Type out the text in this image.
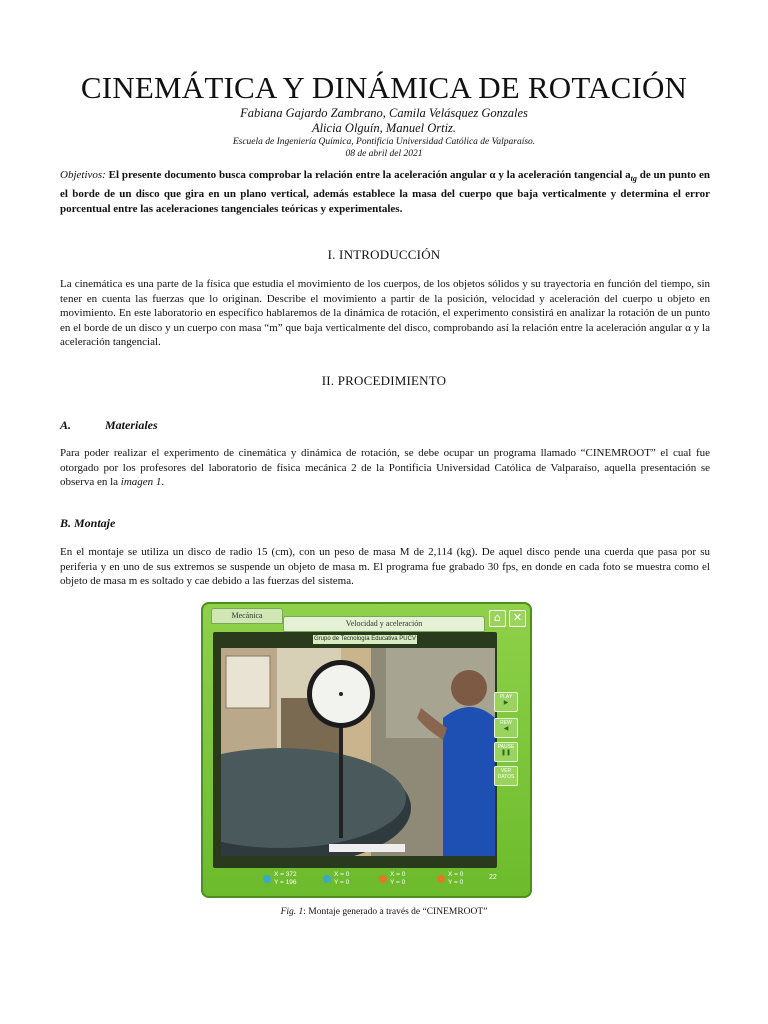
CINEMÁTICA Y DINÁMICA DE ROTACIÓN
Fabiana Gajardo Zambrano, Camila Velásquez Gonzales
Alicia Olguín, Manuel Ortiz.
Escuela de Ingeniería Química, Pontificia Universidad Católica de Valparaíso.
08 de abril del 2021
Objetivos: El presente documento busca comprobar la relación entre la aceleración angular α y la aceleración tangencial $a_{tg}$ de un punto en el borde de un disco que gira en un plano vertical, además establece la masa del cuerpo que baja verticalmente y determina el error porcentual entre las aceleraciones tangenciales teóricas y experimentales.
I. INTRODUCCIÓN
La cinemática es una parte de la física que estudia el movimiento de los cuerpos, de los objetos sólidos y su trayectoria en función del tiempo, sin tener en cuenta las fuerzas que lo originan. Describe el movimiento a partir de la posición, velocidad y aceleración del cuerpo u objeto en movimiento. En este laboratorio en específico hablaremos de la dinámica de rotación, el experimento consistirá en analizar la rotación de un punto en el borde de un disco y un cuerpo con masa “m” que baja verticalmente del disco, comprobando así la relación entre la aceleración angular α y la aceleración tangencial.
II. PROCEDIMIENTO
A.	Materiales
Para poder realizar el experimento de cinemática y dinámica de rotación, se debe ocupar un programa llamado “CINEMROOT” el cual fue otorgado por los profesores del laboratorio de física mecánica 2 de la Pontificia Universidad Católica de Valparaíso, aquella presentación se observa en la imagen 1.
B. Montaje
En el montaje se utiliza un disco de radio 15 (cm), con un peso de masa M de 2,114 (kg). De aquel disco pende una cuerda que pasa por su periferia y en uno de sus extremos se suspende un objeto de masa m. El programa fue grabado 30 fps, en donde en cada foto se muestra como el objeto de masa m es soltado y cae debido a las fuerzas del sistema.
Mecánica
Velocidad y aceleración	⌂	✕
Grupo de Tecnología Educativa PUCV
PLAY
▶
REW
◀
PAUSE
❚❚
VER DATOS
X = 372
Y = 196
X = 0
Y = 0
X = 0
Y = 0
X = 0
Y = 0
22
Fig. 1: Montaje generado a través de “CINEMROOT”
